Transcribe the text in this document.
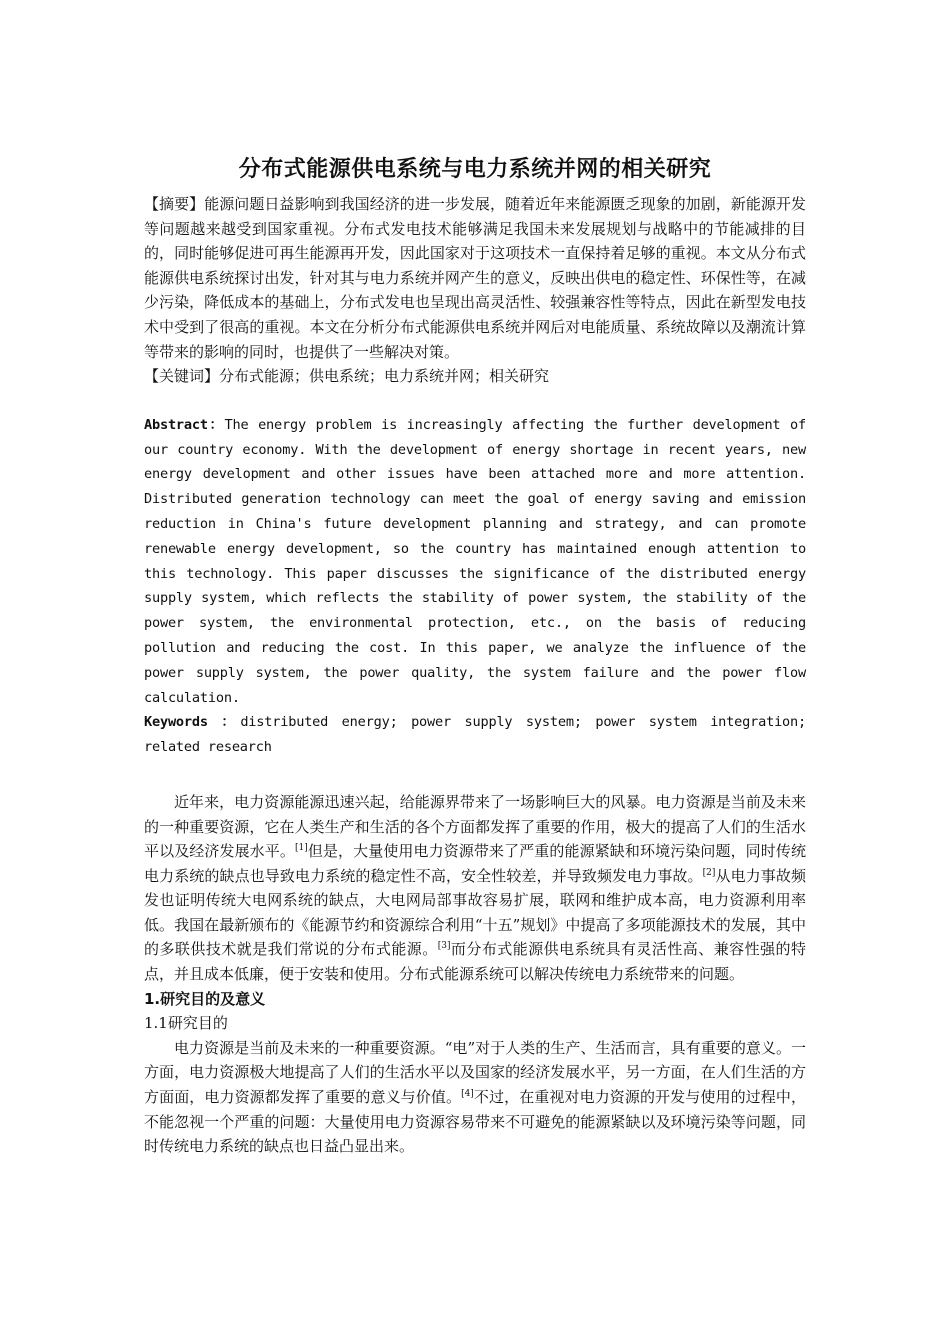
分布式能源供电系统与电力系统并网的相关研究

【摘要】能源问题日益影响到我国经济的进一步发展，随着近年来能源匮乏现象的加剧，新能源开发等问题越来越受到国家重视。分布式发电技术能够满足我国未来发展规划与战略中的节能减排的目的，同时能够促进可再生能源再开发，因此国家对于这项技术一直保持着足够的重视。本文从分布式能源供电系统探讨出发，针对其与电力系统并网产生的意义，反映出供电的稳定性、环保性等，在减少污染，降低成本的基础上，分布式发电也呈现出高灵活性、较强兼容性等特点，因此在新型发电技术中受到了很高的重视。本文在分析分布式能源供电系统并网后对电能质量、系统故障以及潮流计算等带来的影响的同时，也提供了一些解决对策。

【关键词】分布式能源；供电系统；电力系统并网；相关研究

Abstract：The energy problem is increasingly affecting the further development of our country economy. With the development of energy shortage in recent years, new energy development and other issues have been attached more and more attention. Distributed generation technology can meet the goal of energy saving and emission reduction in China's future development planning and strategy, and can promote renewable energy development, so the country has maintained enough attention to this technology. This paper discusses the significance of the distributed energy supply system, which reflects the stability of power system, the stability of the power system, the environmental protection, etc., on the basis of reducing pollution and reducing the cost. In this paper, we analyze the influence of the power supply system, the power quality, the system failure and the power flow calculation.
Keywords ：distributed energy; power supply system; power system integration; related research

近年来，电力资源能源迅速兴起，给能源界带来了一场影响巨大的风暴。电力资源是当前及未来的一种重要资源，它在人类生产和生活的各个方面都发挥了重要的作用，极大的提高了人们的生活水平以及经济发展水平。[1]但是，大量使用电力资源带来了严重的能源紧缺和环境污染问题，同时传统电力系统的缺点也导致电力系统的稳定性不高，安全性较差，并导致频发电力事故。[2]从电力事故频发也证明传统大电网系统的缺点，大电网局部事故容易扩展，联网和维护成本高，电力资源利用率低。我国在最新颁布的《能源节约和资源综合利用“十五”规划》中提高了多项能源技术的发展，其中的多联供技术就是我们常说的分布式能源。[3]而分布式能源供电系统具有灵活性高、兼容性强的特点，并且成本低廉，便于安装和使用。分布式能源系统可以解决传统电力系统带来的问题。

1.研究目的及意义

1.1研究目的

电力资源是当前及未来的一种重要资源。“电”对于人类的生产、生活而言，具有重要的意义。一方面，电力资源极大地提高了人们的生活水平以及国家的经济发展水平，另一方面，在人们生活的方方面面，电力资源都发挥了重要的意义与价值。[4]不过，在重视对电力资源的开发与使用的过程中，不能忽视一个严重的问题：大量使用电力资源容易带来不可避免的能源紧缺以及环境污染等问题，同时传统电力系统的缺点也日益凸显出来。
